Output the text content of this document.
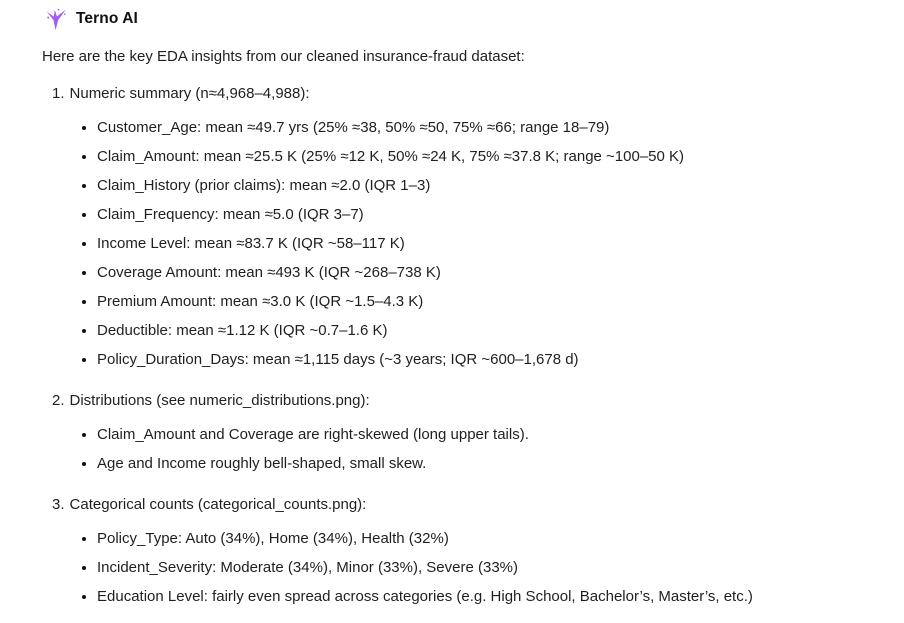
Terno AI

Here are the key EDA insights from our cleaned insurance-fraud dataset:

1. Numeric summary (n≈4,968–4,988):
• Customer_Age: mean ≈49.7 yrs (25% ≈38, 50% ≈50, 75% ≈66; range 18–79)
• Claim_Amount: mean ≈25.5 K (25% ≈12 K, 50% ≈24 K, 75% ≈37.8 K; range ~100–50 K)
• Claim_History (prior claims): mean ≈2.0 (IQR 1–3)
• Claim_Frequency: mean ≈5.0 (IQR 3–7)
• Income Level: mean ≈83.7 K (IQR ~58–117 K)
• Coverage Amount: mean ≈493 K (IQR ~268–738 K)
• Premium Amount: mean ≈3.0 K (IQR ~1.5–4.3 K)
• Deductible: mean ≈1.12 K (IQR ~0.7–1.6 K)
• Policy_Duration_Days: mean ≈1,115 days (~3 years; IQR ~600–1,678 d)
2. Distributions (see numeric_distributions.png):
• Claim_Amount and Coverage are right-skewed (long upper tails).
• Age and Income roughly bell-shaped, small skew.
3. Categorical counts (categorical_counts.png):
• Policy_Type: Auto (34%), Home (34%), Health (32%)
• Incident_Severity: Moderate (34%), Minor (33%), Severe (33%)
• Education Level: fairly even spread across categories (e.g. High School, Bachelor’s, Master’s, etc.)
